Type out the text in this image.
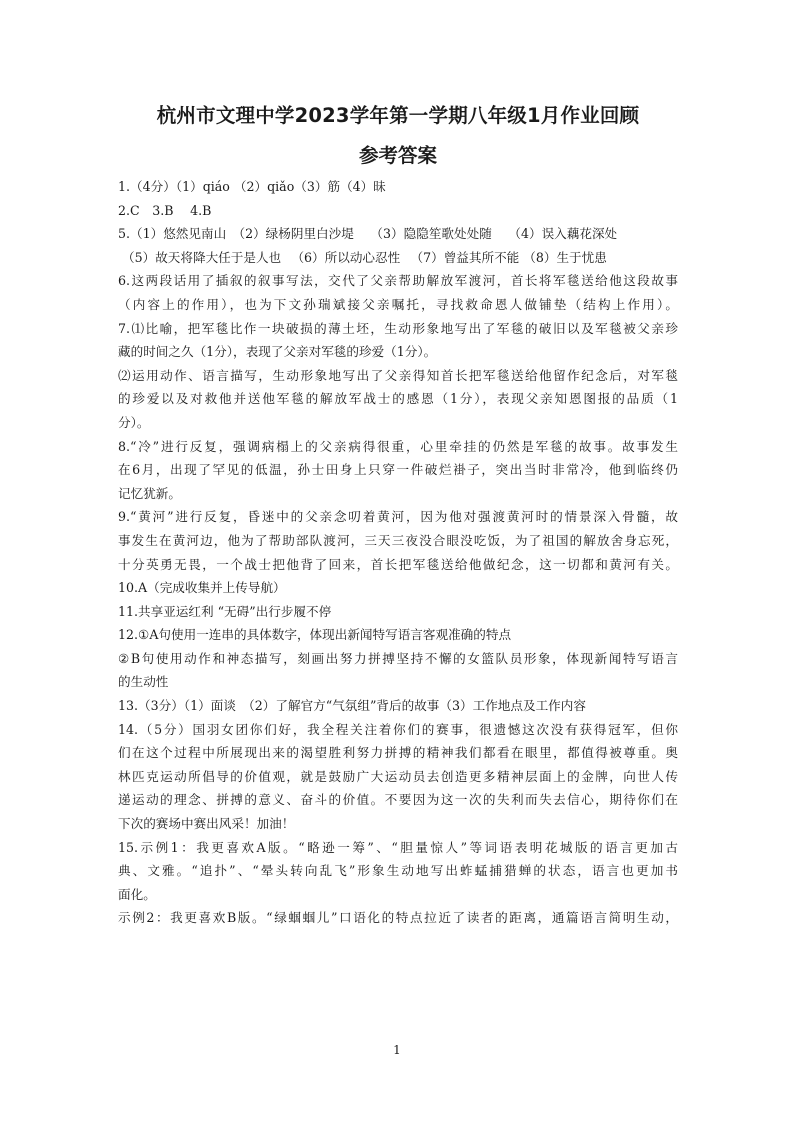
杭州市文理中学2023学年第一学期八年级1月作业回顾
参考答案
1.（4分）（1）qiáo （2）qiǎo（3）筋（4）昧
2.C　3.B　 4.B
5.（1）悠然见南山　（2）绿杨阴里白沙堤　 （3）隐隐笙歌处处随　 （4）误入藕花深处
（5）故天将降大任于是人也 　（6）所以动心忍性 　（7）曾益其所不能 （8）生于忧患
6.这两段话用了插叙的叙事写法，交代了父亲帮助解放军渡河，首长将军毯送给他这段故事
（内容上的作用），也为下文孙瑞斌接父亲嘱托，寻找救命恩人做铺垫（结构上作用）。
7.⑴比喻，把军毯比作一块破损的薄土坯，生动形象地写出了军毯的破旧以及军毯被父亲珍
藏的时间之久（1分），表现了父亲对军毯的珍爱（1分）。
⑵运用动作、语言描写，生动形象地写出了父亲得知首长把军毯送给他留作纪念后，对军毯
的珍爱以及对救他并送他军毯的解放军战士的感恩（1分），表现父亲知恩图报的品质（1
分）。
8.“冷”进行反复，强调病榻上的父亲病得很重，心里牵挂的仍然是军毯的故事。故事发生
在6月，出现了罕见的低温，孙士田身上只穿一件破烂褂子，突出当时非常冷，他到临终仍
记忆犹新。
9.“黄河”进行反复，昏迷中的父亲念叨着黄河，因为他对强渡黄河时的情景深入骨髓，故
事发生在黄河边，他为了帮助部队渡河，三天三夜没合眼没吃饭，为了祖国的解放舍身忘死，
十分英勇无畏，一个战士把他背了回来，首长把军毯送给他做纪念，这一切都和黄河有关。
10.A（完成收集并上传导航）
11.共享亚运红利 “无碍”出行步履不停
12.①A句使用一连串的具体数字，体现出新闻特写语言客观准确的特点
②B句使用动作和神态描写，刻画出努力拼搏坚持不懈的女篮队员形象，体现新闻特写语言
的生动性
13.（3分）（1）面谈　（2）了解官方“气氛组”背后的故事（3）工作地点及工作内容
14.（5分）国羽女团你们好，我全程关注着你们的赛事，很遗憾这次没有获得冠军，但你
们在这个过程中所展现出来的渴望胜利努力拼搏的精神我们都看在眼里，都值得被尊重。奥
林匹克运动所倡导的价值观，就是鼓励广大运动员去创造更多精神层面上的金牌，向世人传
递运动的理念、拼搏的意义、奋斗的价值。不要因为这一次的失利而失去信心，期待你们在
下次的赛场中赛出风采！加油！
15.示例1：我更喜欢A版。“略逊一筹”、“胆量惊人”等词语表明花城版的语言更加古
典、文雅。“追扑”、“晕头转向乱飞”形象生动地写出蚱蜢捕猎蝉的状态，语言也更加书
面化。
示例2：我更喜欢B版。“绿蝈蝈儿”口语化的特点拉近了读者的距离，通篇语言简明生动，
1
